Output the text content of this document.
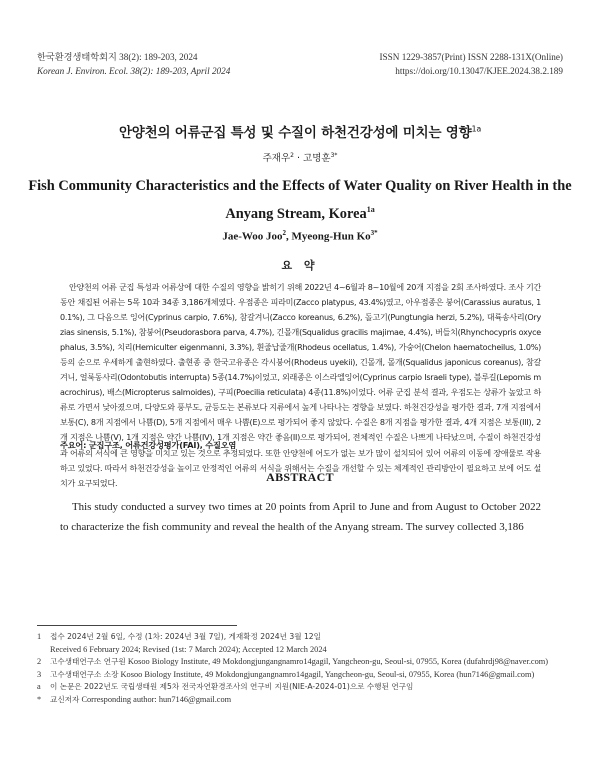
한국환경생태학회지 38(2): 189-203, 2024
Korean J. Environ. Ecol. 38(2): 189-203, April 2024
ISSN 1229-3857(Print) ISSN 2288-131X(Online)
https://doi.org/10.13047/KJEE.2024.38.2.189
안양천의 어류군집 특성 및 수질이 하천건강성에 미치는 영향$^{1a}$
주재우$^2$ · 고명훈$^{3*}$
Fish Community Characteristics and the Effects of Water Quality on River Health in the Anyang Stream, Korea$^{1a}$
Jae-Woo Joo$^2$, Myeong-Hun $Ko^{3*}$
요 약
안양천의 어류 군집 특성과 어류상에 대한 수질의 영향을 밝히기 위해 2022년 4~6월과 8~10월에 20개 지점을 2회 조사하였다. 조사 기간 동안 채집된 어류는 5목 10과 34종 3,186개체였다. 우점종은 피라미(Zacco platypus, 43.4%)였고, 아우점종은 붕어(Carassius auratus, 10.1%), 그 다음으로 잉어(Cyprinus carpio, 7.6%), 참갈겨니(Zacco koreanus, 6.2%), 돌고기(Pungtungia herzi, 5.2%), 대륙송사리(Oryzias sinensis, 5.1%), 참붕어(Pseudorasbora parva, 4.7%), 긴몰개(Squalidus gracilis majimae, 4.4%), 버들치(Rhynchocypris oxycephalus, 3.5%), 치리(Hemiculter eigenmanni, 3.3%), 흰줄납줄개(Rhodeus ocellatus, 1.4%), 가숭어(Chelon haematocheilus, 1.0%) 등의 순으로 우세하게 출현하였다. 출현종 중 한국고유종은 각시붕어(Rhodeus uyekii), 긴몰개, 몰개(Squalidus japonicus coreanus), 참갈겨니, 얼룩동사리(Odontobutis interrupta) 5종(14.7%)이었고, 외래종은 이스라엘잉어(Cyprinus carpio Israeli type), 블루길(Lepomis macrochirus), 배스(Micropterus salmoides), 구피(Poecilia reticulata) 4종(11.8%)이었다. 어류 군집 분석 결과, 우점도는 상류가 높았고 하류로 가면서 낮아졌으며, 다양도와 풍부도, 균등도는 본류보다 지류에서 높게 나타나는 경향을 보였다. 하천건강성을 평가한 결과, 7개 지점에서 보통(C), 8개 지점에서 나쁨(D), 5개 지점에서 매우 나쁨(E)으로 평가되어 좋지 않았다. 수질은 8개 지점을 평가한 결과, 4개 지점은 보통(III), 2개 지점은 나쁨(V), 1개 지점은 약간 나쁨(IV), 1개 지점은 약간 좋음(II)으로 평가되어, 전체적인 수질은 나쁘게 나타났으며, 수질이 하천건강성과 어류의 서식에 큰 영향을 미치고 있는 것으로 추정되었다. 또한 안양천에 어도가 없는 보가 많이 설치되어 있어 어류의 이동에 장애물로 작용하고 있었다. 따라서 하천건강성을 높이고 안정적인 어류의 서식을 위해서는 수질을 개선할 수 있는 체계적인 관리방안이 필요하고 보에 어도 설치가 요구되었다.
주요어: 군집구조, 어류건강성평가(FAI), 수질오염
ABSTRACT
This study conducted a survey two times at 20 points from April to June and from August to October 2022 to characterize the fish community and reveal the health of the Anyang stream. The survey collected 3,186
1 접수 2024년 2월 6일, 수정 (1차: 2024년 3월 7일), 게재확정 2024년 3월 12일
Received 6 February 2024; Revised (1st: 7 March 2024); Accepted 12 March 2024
2 고수생태연구소 연구원 Kosoo Biology Institute, 49 Mokdongjungangnamro14gagil, Yangcheon-gu, Seoul-si, 07955, Korea (dufahrdj98@naver.com)
3 고수생태연구소 소장 Kosoo Biology Institute, 49 Mokdongjungangnamro14gagil, Yangcheon-gu, Seoul-si, 07955, Korea (hun7146@gmail.com)
a 이 논문은 2022년도 국립생태원 제5차 전국자연환경조사의 연구비 지원(NIE-A-2024-01)으로 수행된 연구임
* 교신저자 Corresponding author: hun7146@gmail.com
